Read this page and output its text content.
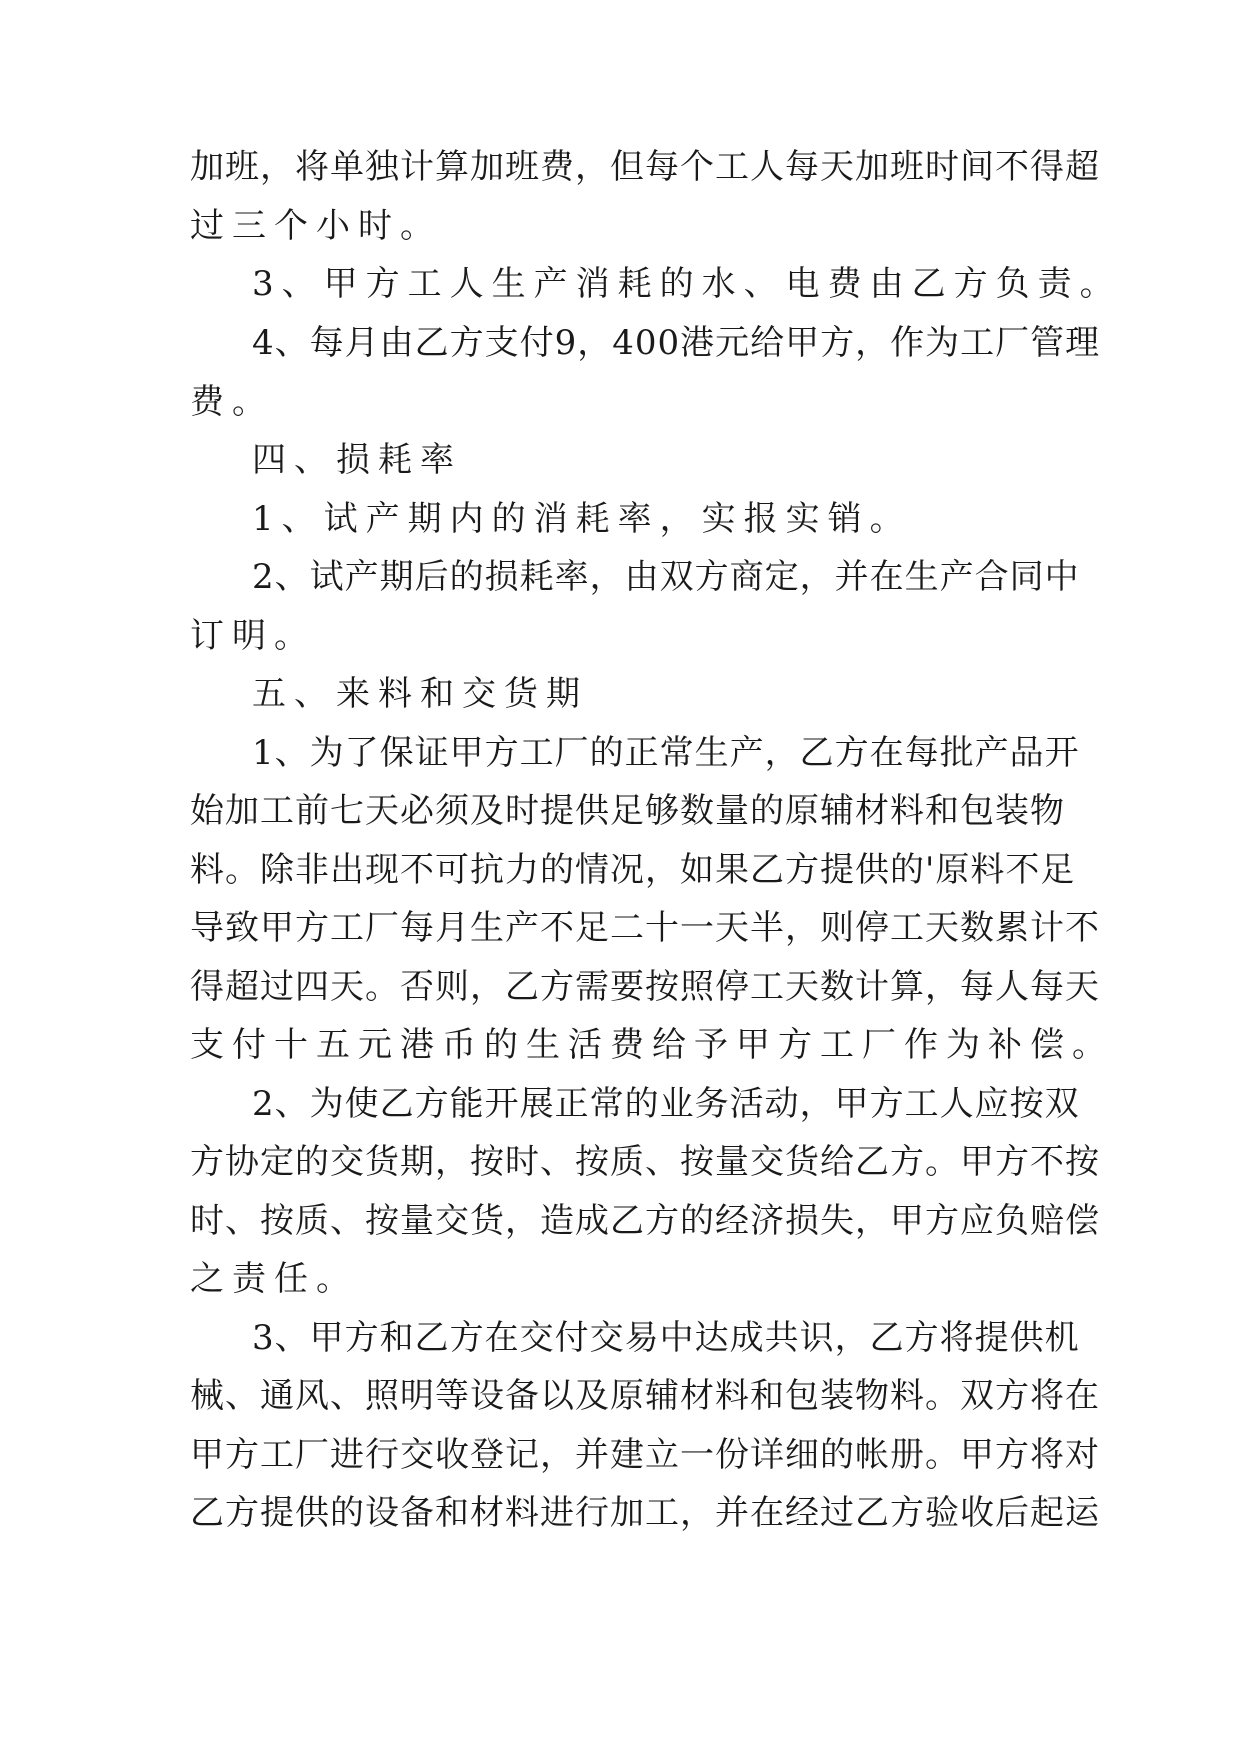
加班，将单独计算加班费，但每个工人每天加班时间不得超
过三个小时。
3、甲方工人生产消耗的水、电费由乙方负责。
4、每月由乙方支付9，400港元给甲方，作为工厂管理
费。
四、损耗率
1、试产期内的消耗率，实报实销。
2、试产期后的损耗率，由双方商定，并在生产合同中
订明。
五、来料和交货期
1、为了保证甲方工厂的正常生产，乙方在每批产品开
始加工前七天必须及时提供足够数量的原辅材料和包装物
料。除非出现不可抗力的情况，如果乙方提供的'原料不足
导致甲方工厂每月生产不足二十一天半，则停工天数累计不
得超过四天。否则，乙方需要按照停工天数计算，每人每天
支付十五元港币的生活费给予甲方工厂作为补偿。
2、为使乙方能开展正常的业务活动，甲方工人应按双
方协定的交货期，按时、按质、按量交货给乙方。甲方不按
时、按质、按量交货，造成乙方的经济损失，甲方应负赔偿
之责任。
3、甲方和乙方在交付交易中达成共识，乙方将提供机
械、通风、照明等设备以及原辅材料和包装物料。双方将在
甲方工厂进行交收登记，并建立一份详细的帐册。甲方将对
乙方提供的设备和材料进行加工，并在经过乙方验收后起运
